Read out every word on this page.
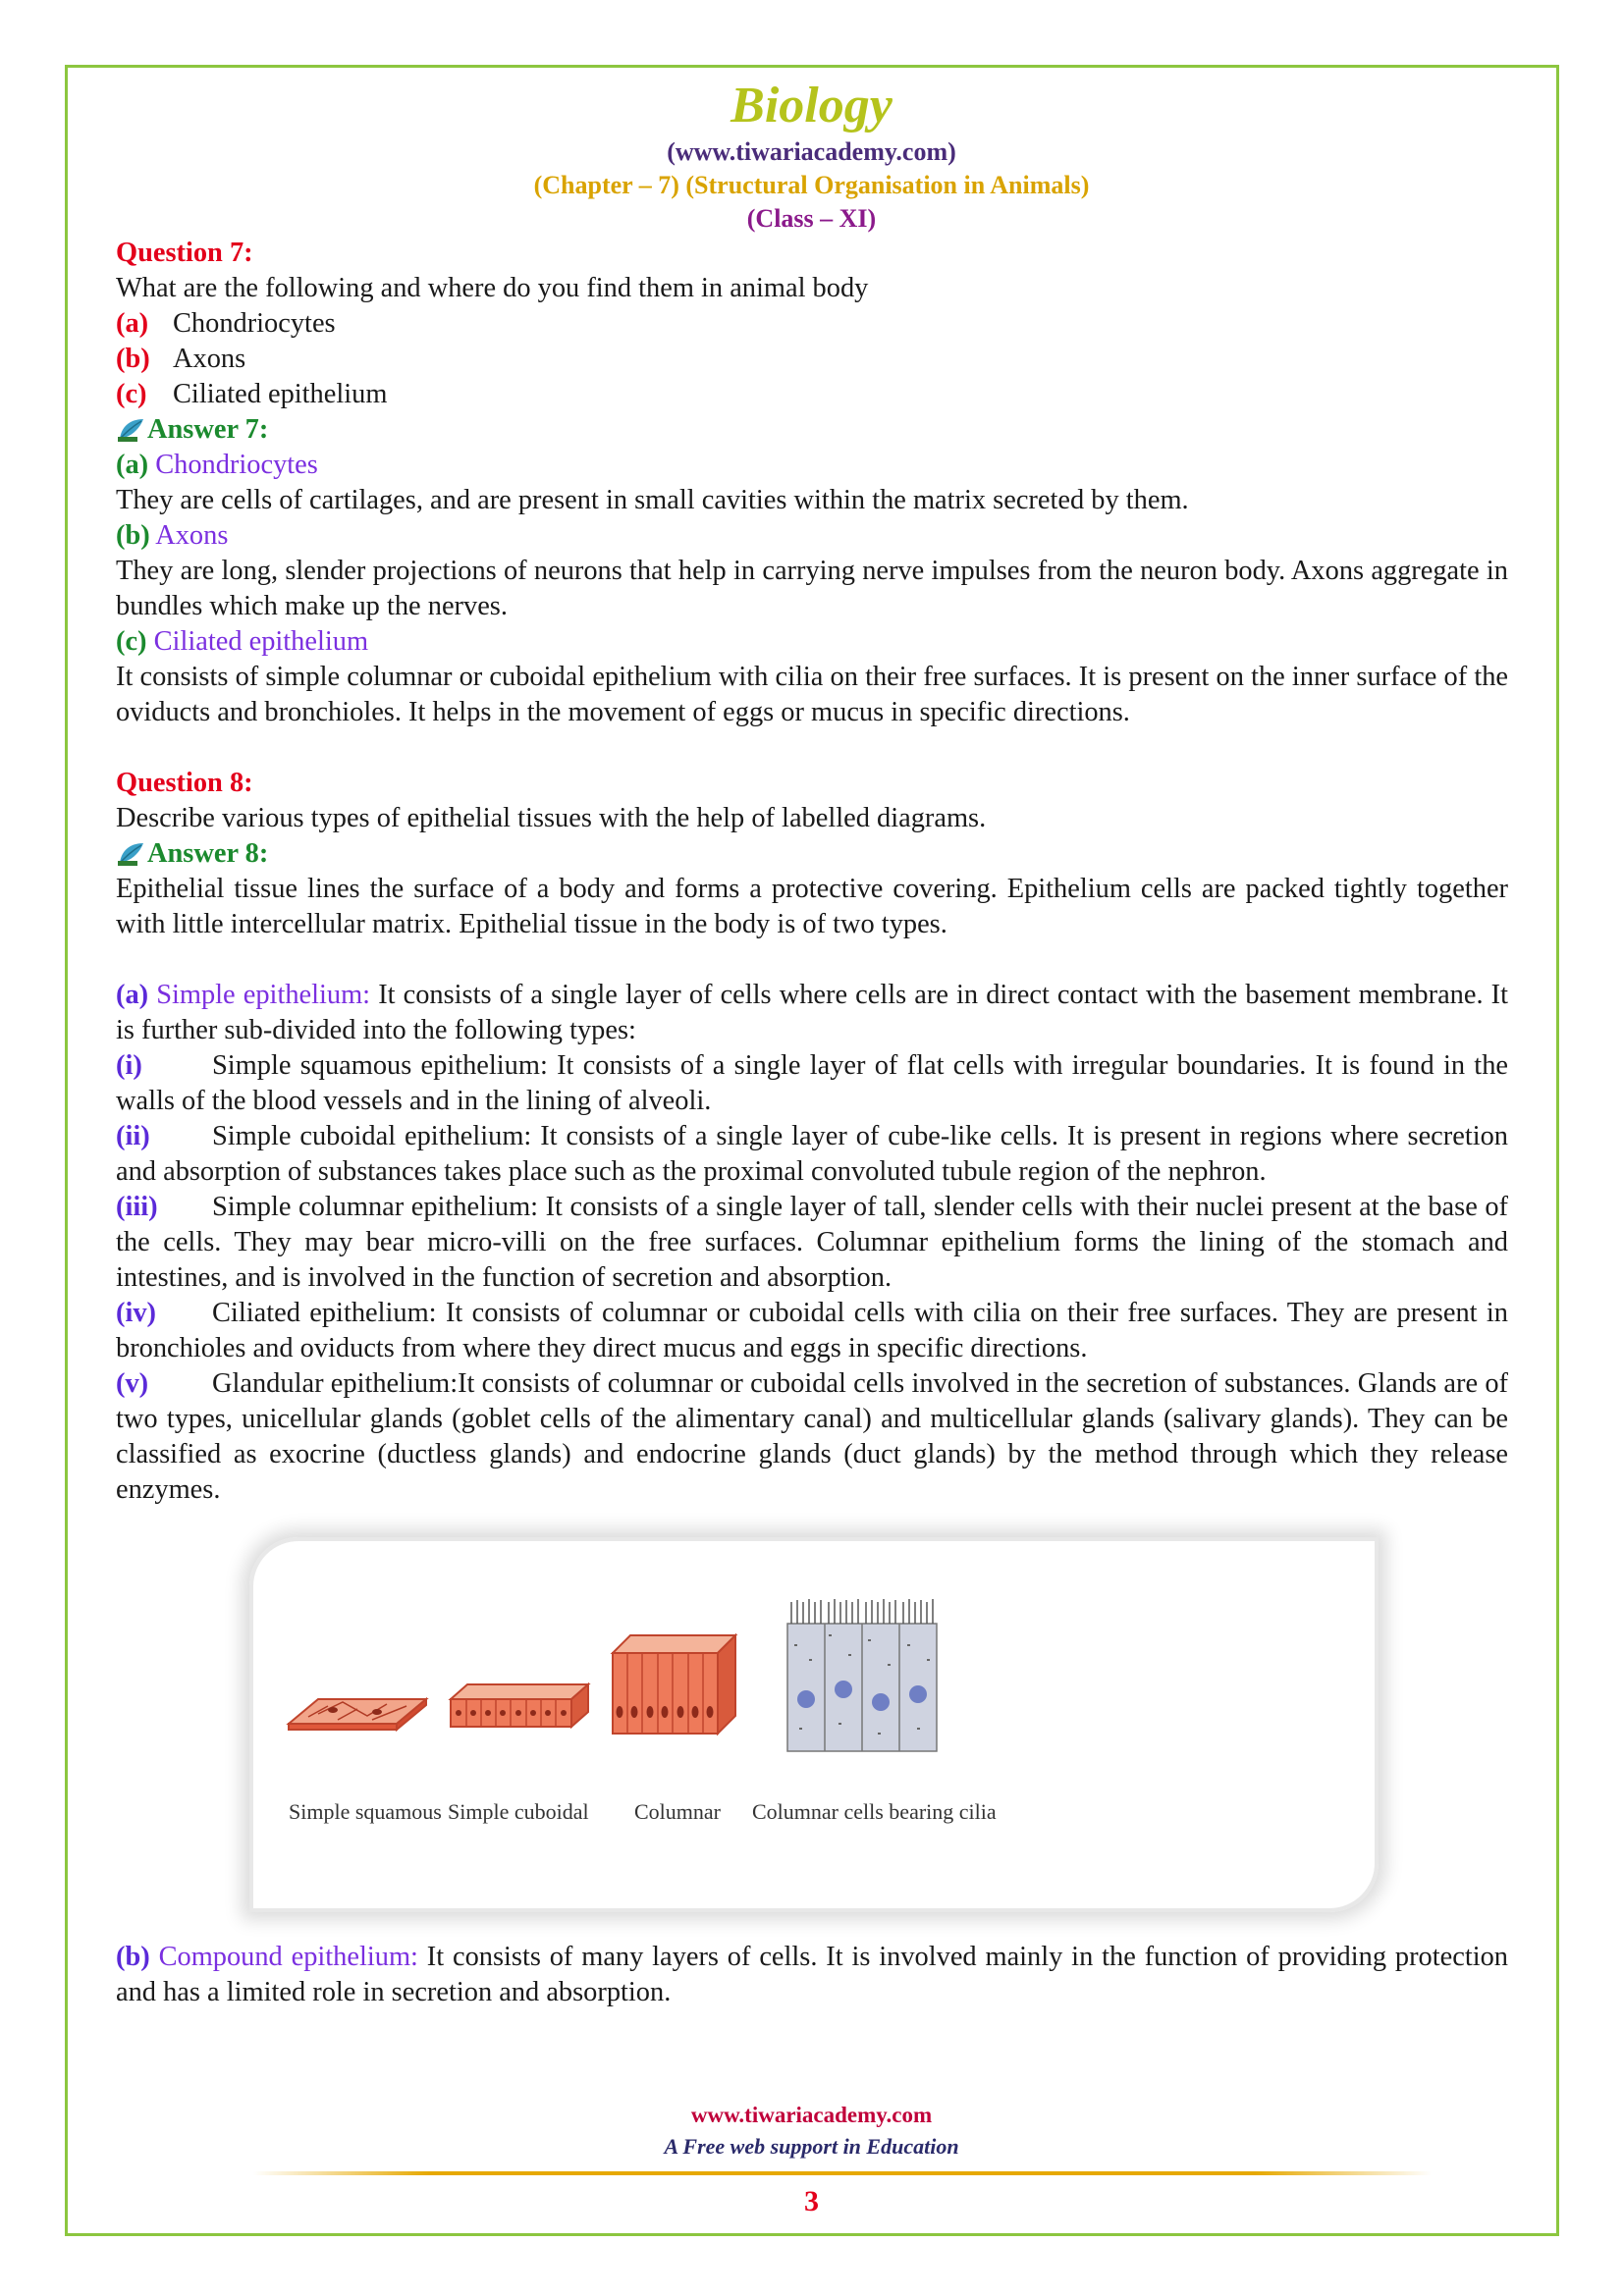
Biology
(www.tiwariacademy.com)
(Chapter – 7) (Structural Organisation in Animals)
(Class – XI)

Question 7:

What are the following and where do you find them in animal body

(a) Chondriocytes

(b) Axons

(c) Ciliated epithelium

Answer 7:

(a) Chondriocytes

They are cells of cartilages, and are present in small cavities within the matrix secreted by them.

(b) Axons

They are long, slender projections of neurons that help in carrying nerve impulses from the neuron body. Axons aggregate in bundles which make up the nerves.

(c) Ciliated epithelium

It consists of simple columnar or cuboidal epithelium with cilia on their free surfaces. It is present on the inner surface of the oviducts and bronchioles. It helps in the movement of eggs or mucus in specific directions.

Question 8:

Describe various types of epithelial tissues with the help of labelled diagrams.

Answer 8:

Epithelial tissue lines the surface of a body and forms a protective covering. Epithelium cells are packed tightly together with little intercellular matrix. Epithelial tissue in the body is of two types.

(a) Simple epithelium: It consists of a single layer of cells where cells are in direct contact with the basement membrane. It is further sub-divided into the following types:

(i)	Simple squamous epithelium: It consists of a single layer of flat cells with irregular boundaries. It is found in the walls of the blood vessels and in the lining of alveoli.

(ii) Simple cuboidal epithelium: It consists of a single layer of cube-like cells. It is present in regions where secretion and absorption of substances takes place such as the proximal convoluted tubule region of the nephron.

(iii) Simple columnar epithelium: It consists of a single layer of tall, slender cells with their nuclei present at the base of the cells. They may bear micro-villi on the free surfaces. Columnar epithelium forms the lining of the stomach and intestines, and is involved in the function of secretion and absorption.

(iv) Ciliated epithelium: It consists of columnar or cuboidal cells with cilia on their free surfaces. They are present in bronchioles and oviducts from where they direct mucus and eggs in specific directions.

(v) Glandular epithelium:It consists of columnar or cuboidal cells involved in the secretion of substances. Glands are of two types, unicellular glands (goblet cells of the alimentary canal) and multicellular glands (salivary glands). They can be classified as exocrine (ductless glands) and endocrine glands (duct glands) by the method through which they release enzymes.

Simple squamous Simple cuboidal Columnar Columnar cells bearing cilia

(b) Compound epithelium: It consists of many layers of cells. It is involved mainly in the function of providing protection and has a limited role in secretion and absorption.

www.tiwariacademy.com
A Free web support in Education
3
